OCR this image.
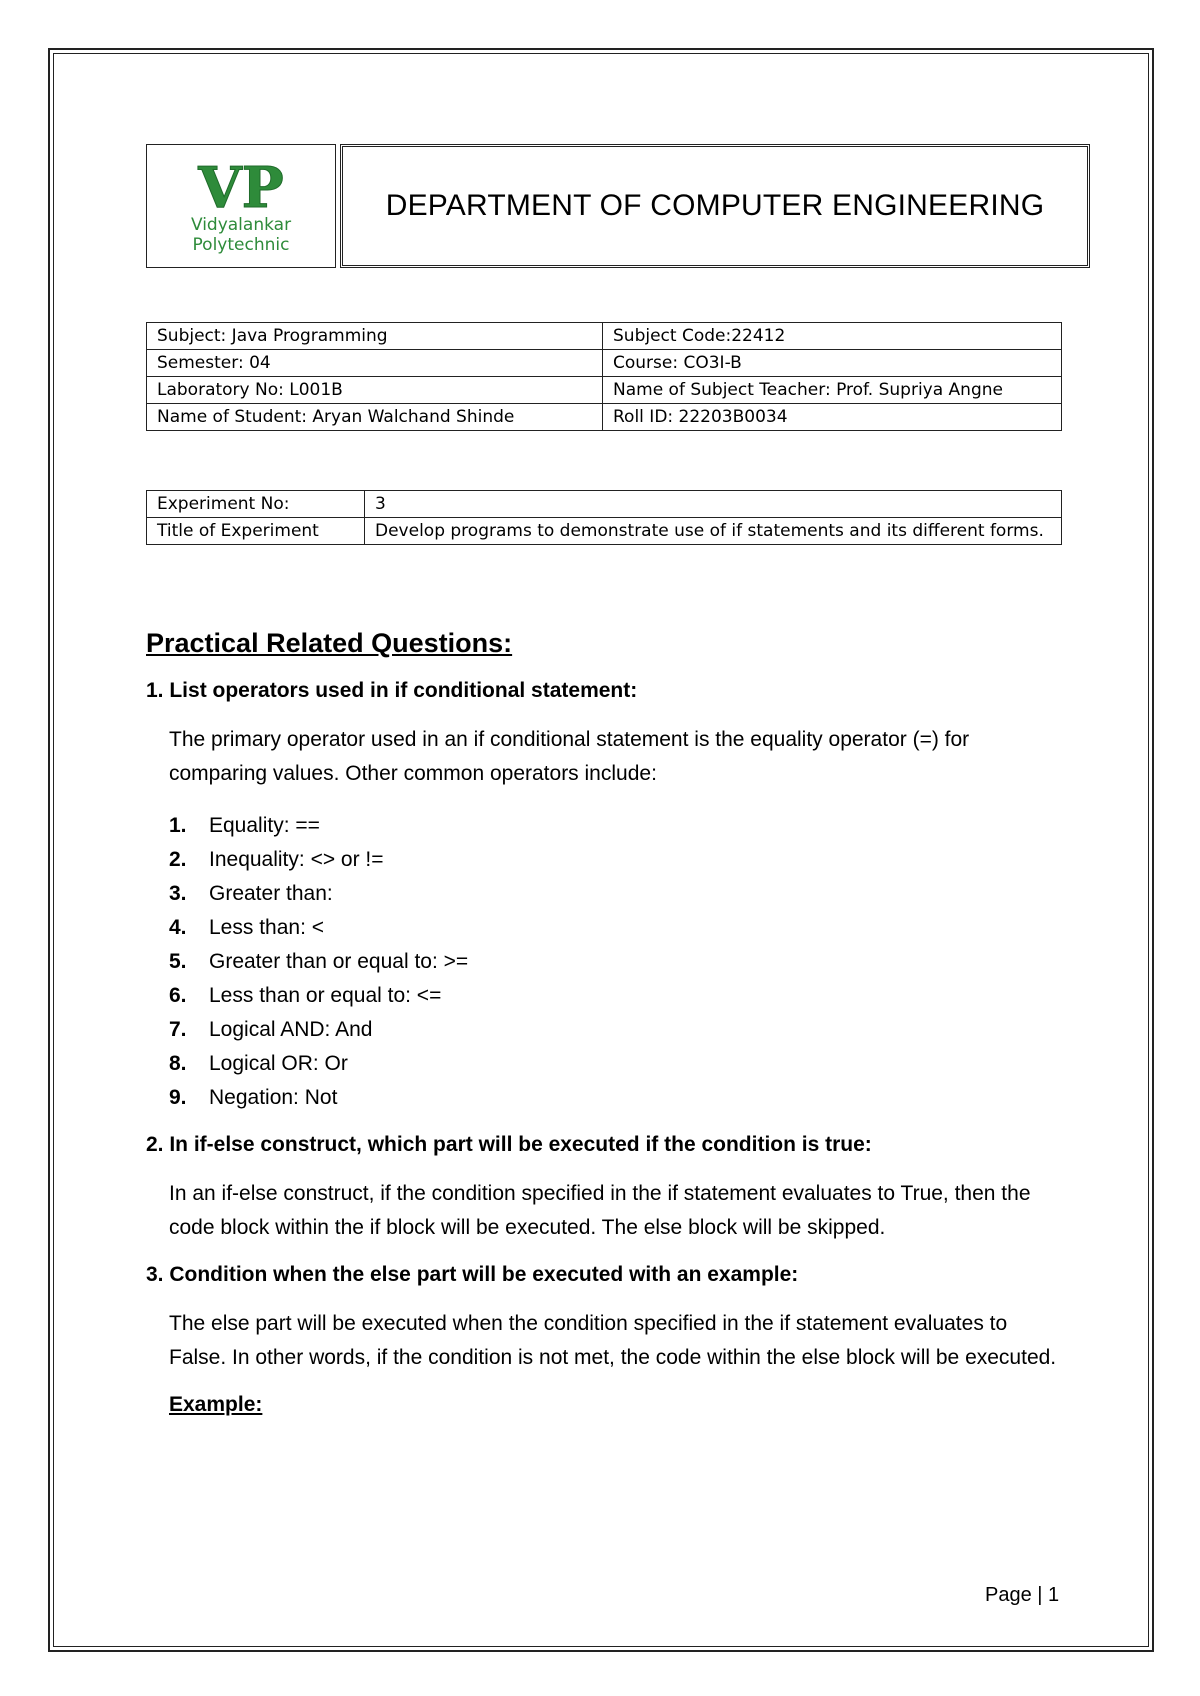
VP
Vidyalankar
Polytechnic
DEPARTMENT OF COMPUTER ENGINEERING
Subject: Java Programming	Subject Code:22412
Semester: 04	Course: CO3I-B
Laboratory No: L001B	Name of Subject Teacher: Prof. Supriya Angne
Name of Student: Aryan Walchand Shinde	Roll ID: 22203B0034
Experiment No:	3
Title of Experiment	Develop programs to demonstrate use of if statements and its different forms.
Practical Related Questions:
1. List operators used in if conditional statement:
The primary operator used in an if conditional statement is the equality operator (=) for comparing values. Other common operators include:
1.	Equality: ==
2.	Inequality: <> or !=
3.	Greater than:
4.	Less than: <
5.	Greater than or equal to: >=
6.	Less than or equal to: <=
7.	Logical AND: And
8.	Logical OR: Or
9.	Negation: Not
2. In if-else construct, which part will be executed if the condition is true:
In an if-else construct, if the condition specified in the if statement evaluates to True, then the code block within the if block will be executed. The else block will be skipped.
3. Condition when the else part will be executed with an example:
The else part will be executed when the condition specified in the if statement evaluates to False. In other words, if the condition is not met, the code within the else block will be executed.
Example:
Page | 1
